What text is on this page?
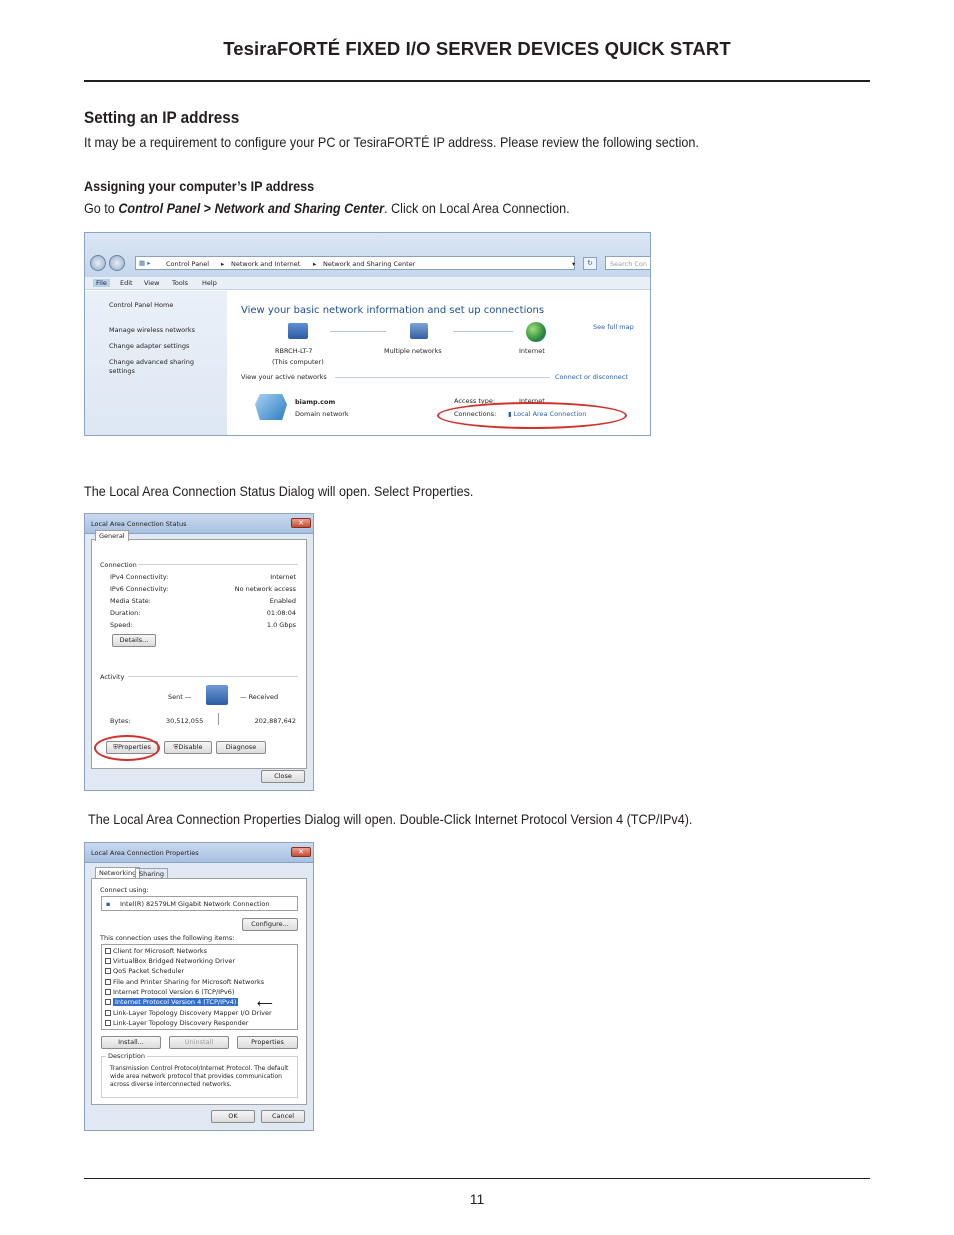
TesiraFORTÉ FIXED I/O SERVER DEVICES QUICK START
Setting an IP address
It may be a requirement to configure your PC or TesiraFORTÉ IP address. Please review the following section.
Assigning your computer’s IP address
Go to Control Panel > Network and Sharing Center. Click on Local Area Connection.
▦ ▸ Control Panel ▸ Network and Internet ▸ Network and Sharing Center	▾	↻	Search Con
File	Edit View Tools Help
Control Panel Home
Manage wireless networks
Change adapter settings
Change advanced sharing settings
View your basic network information and set up connections
See full map
RBRCH-LT-7
(This computer)
Multiple networks	Internet
View your active networks	Connect or disconnect
biamp.com
Domain network
Access type:	Internet
Connections: ▮ Local Area Connection
The Local Area Connection Status Dialog will open. Select Properties.
Local Area Connection Status	✕
General
Connection
IPv4 Connectivity:	Internet
IPv6 Connectivity:	No network access
Media State:	Enabled
Duration:	01:08:04
Speed:	1.0 Gbps
Details...
Activity
Sent —	— Received
Bytes:	30,512,055	202,887,642
⛨Properties	⛨Disable	Diagnose
Close
The Local Area Connection Properties Dialog will open. Double-Click Internet Protocol Version 4 (TCP/IPv4).
Local Area Connection Properties	✕
Networking Sharing
Connect using:
▪ Intel(R) 82579LM Gigabit Network Connection
Configure...
This connection uses the following items:
Client for Microsoft Networks
VirtualBox Bridged Networking Driver
QoS Packet Scheduler
File and Printer Sharing for Microsoft Networks
Internet Protocol Version 6 (TCP/IPv6)
Internet Protocol Version 4 (TCP/IPv4)
Link-Layer Topology Discovery Mapper I/O Driver
Link-Layer Topology Discovery Responder
⟵
Install...	Uninstall	Properties
Description
Transmission Control Protocol/Internet Protocol. The default wide area network protocol that provides communication across diverse interconnected networks.
OK	Cancel
11
